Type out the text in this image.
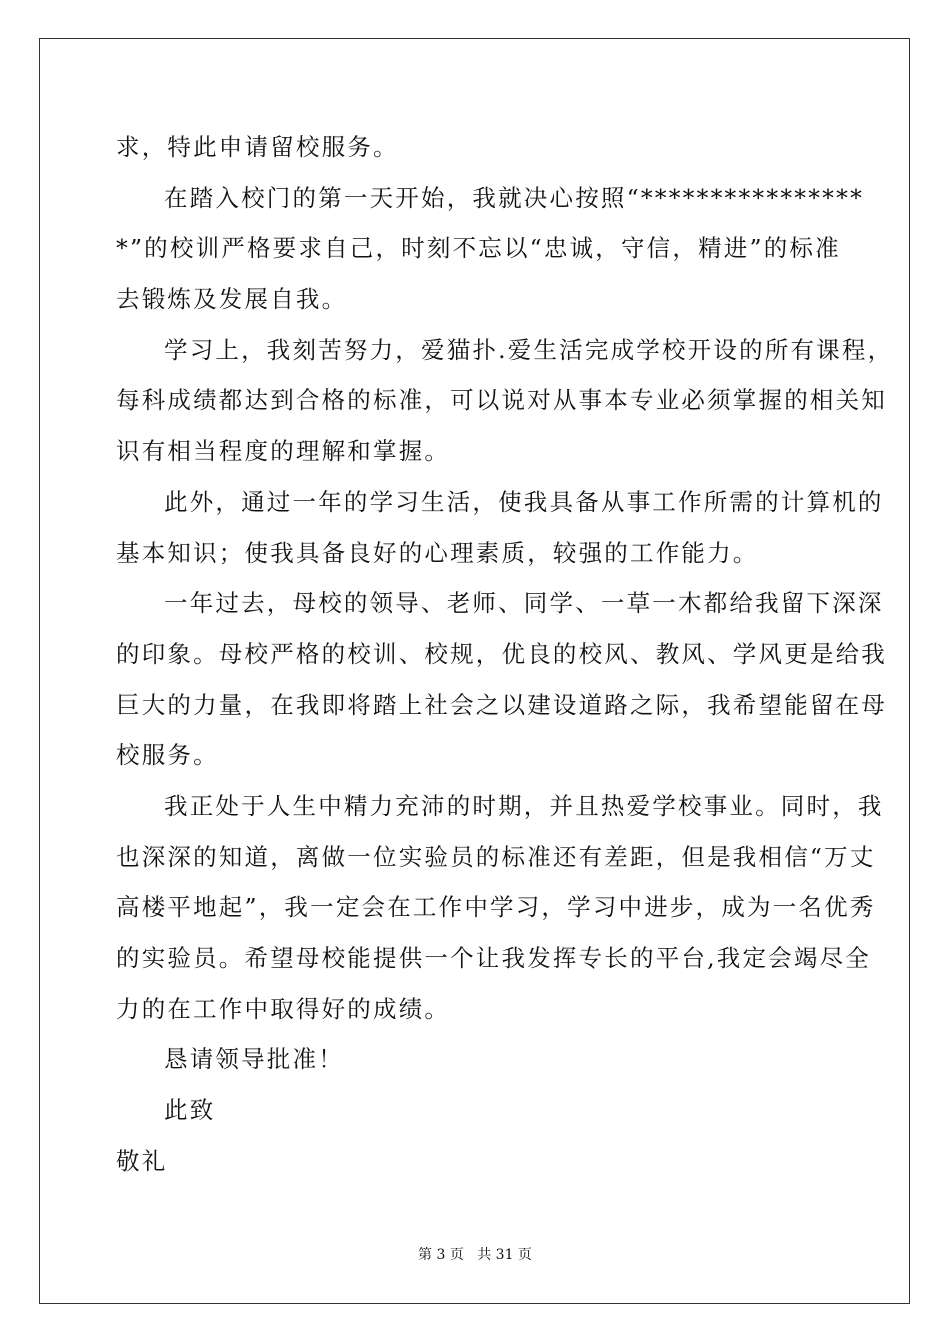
求，特此申请留校服务。
在踏入校门的第一天开始，我就决心按照“****************
*”的校训严格要求自己，时刻不忘以“忠诚，守信，精进”的标准
去锻炼及发展自我。
学习上，我刻苦努力，爱猫扑.爱生活完成学校开设的所有课程，
每科成绩都达到合格的标准，可以说对从事本专业必须掌握的相关知
识有相当程度的理解和掌握。
此外，通过一年的学习生活，使我具备从事工作所需的计算机的
基本知识；使我具备良好的心理素质，较强的工作能力。
一年过去，母校的领导、老师、同学、一草一木都给我留下深深
的印象。母校严格的校训、校规，优良的校风、教风、学风更是给我
巨大的力量，在我即将踏上社会之以建设道路之际，我希望能留在母
校服务。
我正处于人生中精力充沛的时期，并且热爱学校事业。同时，我
也深深的知道，离做一位实验员的标准还有差距，但是我相信“万丈
高楼平地起”，我一定会在工作中学习，学习中进步，成为一名优秀
的实验员。希望母校能提供一个让我发挥专长的平台,我定会竭尽全
力的在工作中取得好的成绩。
恳请领导批准！
此致
敬礼
第 3 页 共 31 页
